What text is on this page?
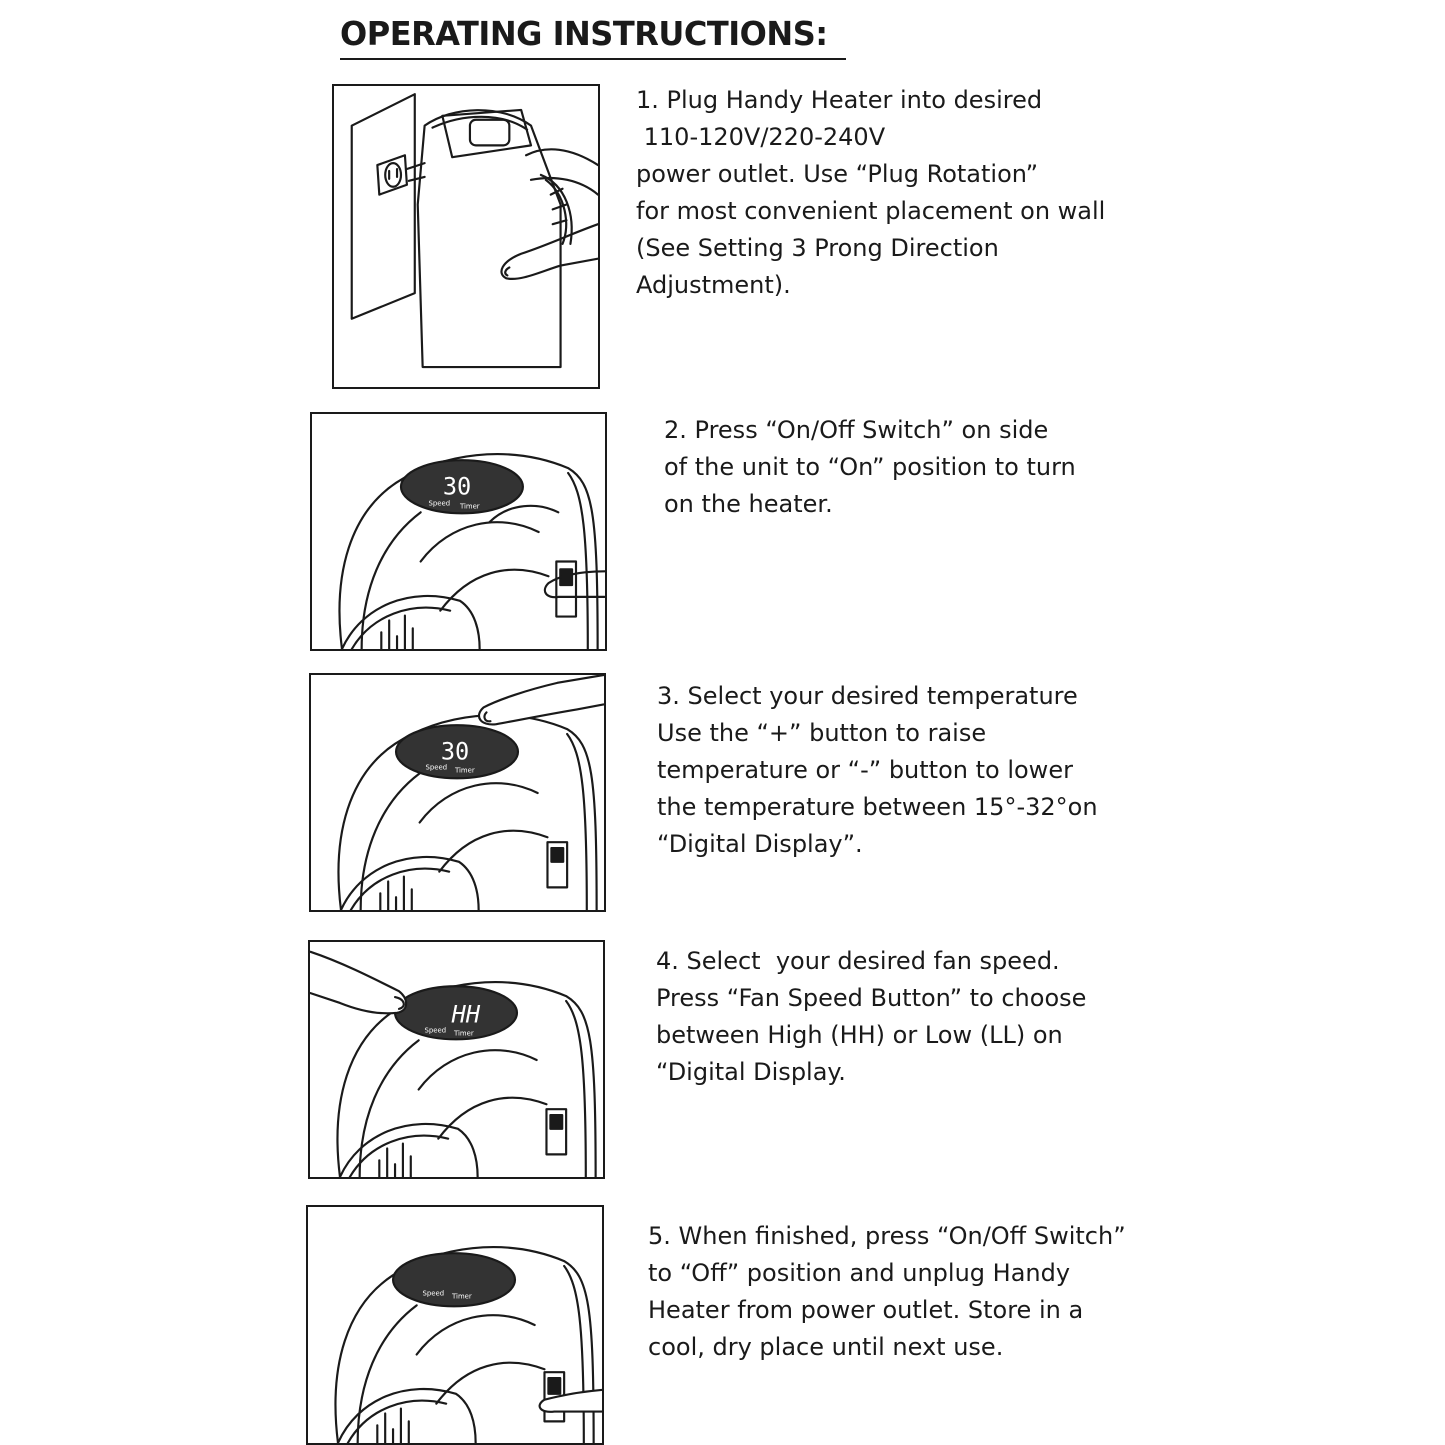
OPERATING INSTRUCTIONS:
1. Plug Handy Heater into desired
110-120V/220-240V
power outlet. Use “Plug Rotation”
for most convenient placement on wall
(See Setting 3 Prong Direction
Adjustment).
30
Speed Timer
2. Press “On/Off Switch” on side
of the unit to “On” position to turn
on the heater.
30
Speed Timer
3. Select your desired temperature
Use the “+” button to raise
temperature or “-” button to lower
the temperature between 15°-32°on
“Digital Display”.
HH
Speed Timer
4. Select  your desired fan speed.
Press “Fan Speed Button” to choose
between High (HH) or Low (LL) on
“Digital Display.
Speed Timer
5. When finished, press “On/Off Switch”
to “Off” position and unplug Handy
Heater from power outlet. Store in a
cool, dry place until next use.
